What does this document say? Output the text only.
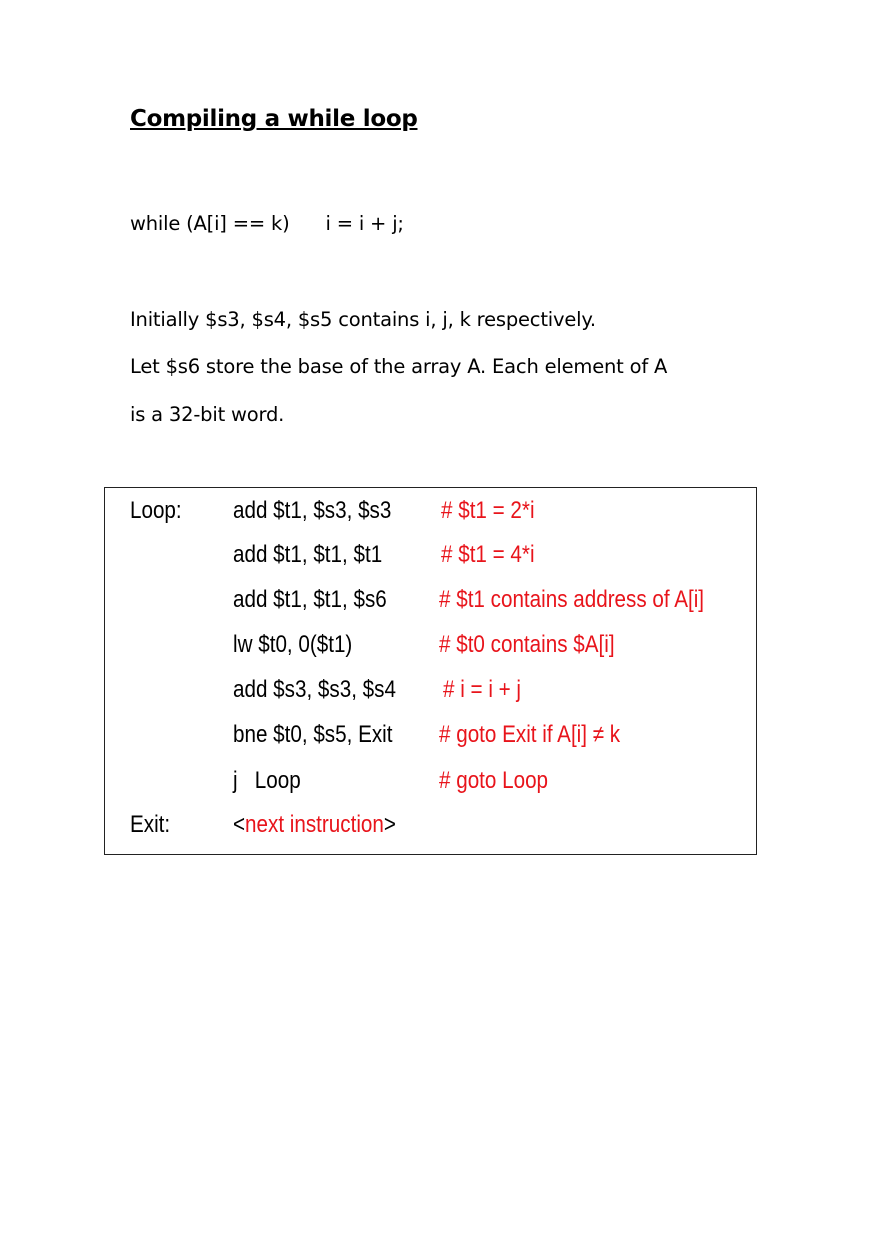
Compiling a while loop
while (A[i] == k)      i = i + j;
Initially $s3, $s4, $s5 contains i, j, k respectively.
Let $s6 store the base of the array A. Each element of A
is a 32-bit word.
Loop: add $t1, $s3, $s3 # $t1 = 2*i
add $t1, $t1, $t1 # $t1 = 4*i
add $t1, $t1, $s6 # $t1 contains address of A[i]
lw $t0, 0($t1)	# $t0 contains $A[i]
add $s3, $s3, $s4 # i = i + j
bne $t0, $s5, Exit # goto Exit if A[i] ≠ k
j   Loop	# goto Loop
Exit:	<next instruction>
